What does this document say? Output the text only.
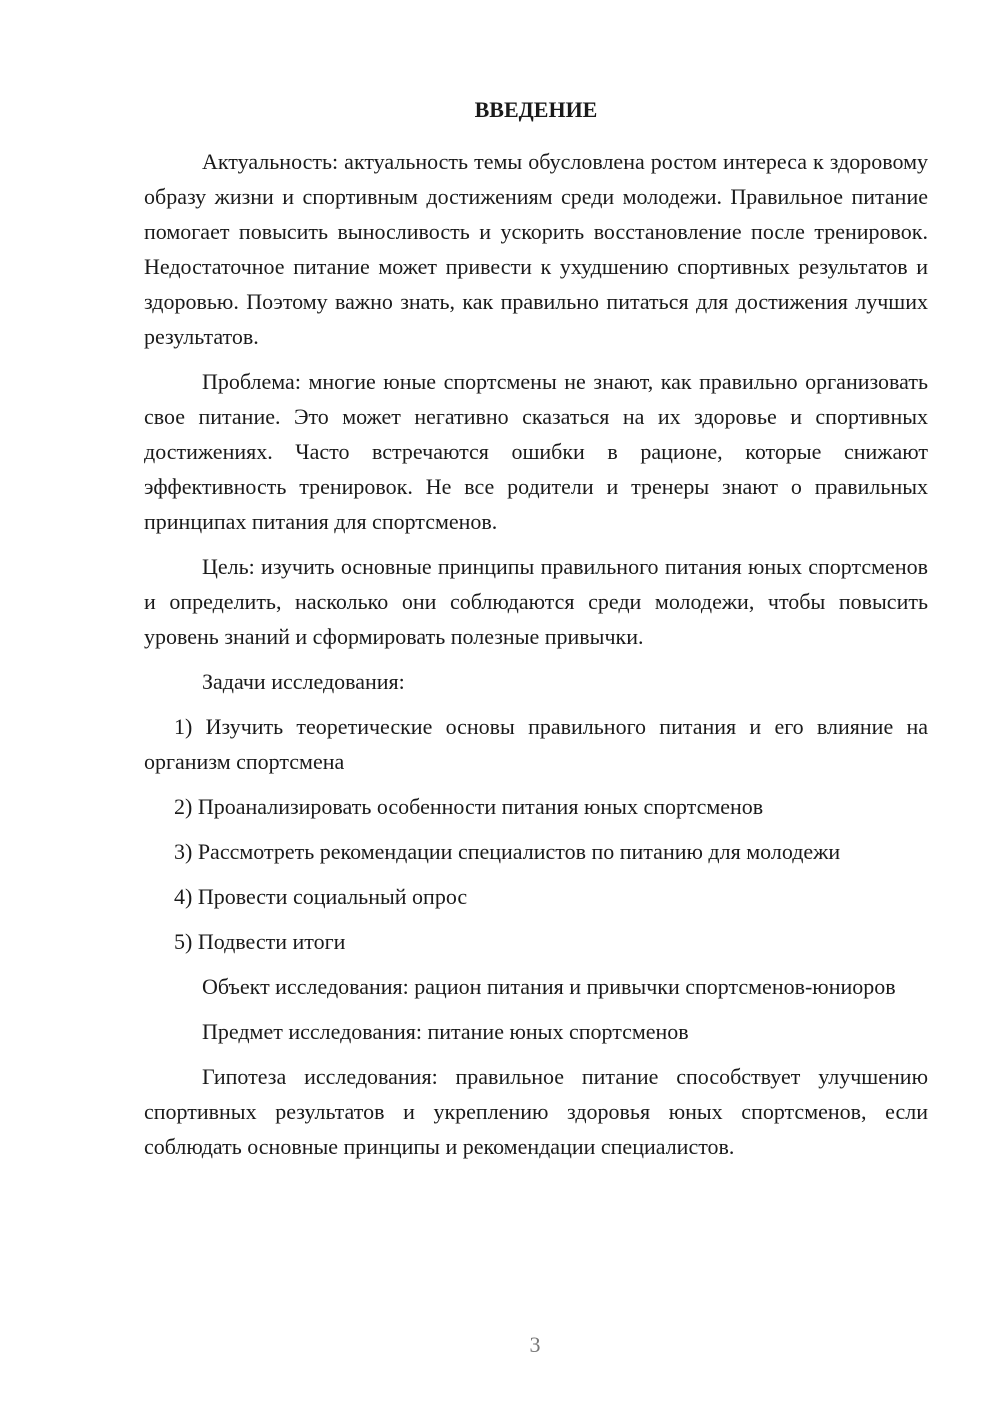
ВВЕДЕНИЕ

Актуальность: актуальность темы обусловлена ростом интереса к здоровому образу жизни и спортивным достижениям среди молодежи. Правильное питание помогает повысить выносливость и ускорить восстановление после тренировок. Недостаточное питание может привести к ухудшению спортивных результатов и здоровью. Поэтому важно знать, как правильно питаться для достижения лучших результатов.

Проблема: многие юные спортсмены не знают, как правильно организовать свое питание. Это может негативно сказаться на их здоровье и спортивных достижениях. Часто встречаются ошибки в рационе, которые снижают эффективность тренировок. Не все родители и тренеры знают о правильных принципах питания для спортсменов.

Цель: изучить основные принципы правильного питания юных спортсменов и определить, насколько они соблюдаются среди молодежи, чтобы повысить уровень знаний и сформировать полезные привычки.

Задачи исследования:

1) Изучить теоретические основы правильного питания и его влияние на организм спортсмена

2) Проанализировать особенности питания юных спортсменов

3) Рассмотреть рекомендации специалистов по питанию для молодежи

4) Провести социальный опрос

5) Подвести итоги

Объект исследования: рацион питания и привычки спортсменов-юниоров

Предмет исследования: питание юных спортсменов

Гипотеза исследования: правильное питание способствует улучшению спортивных результатов и укреплению здоровья юных спортсменов, если соблюдать основные принципы и рекомендации специалистов.

3
